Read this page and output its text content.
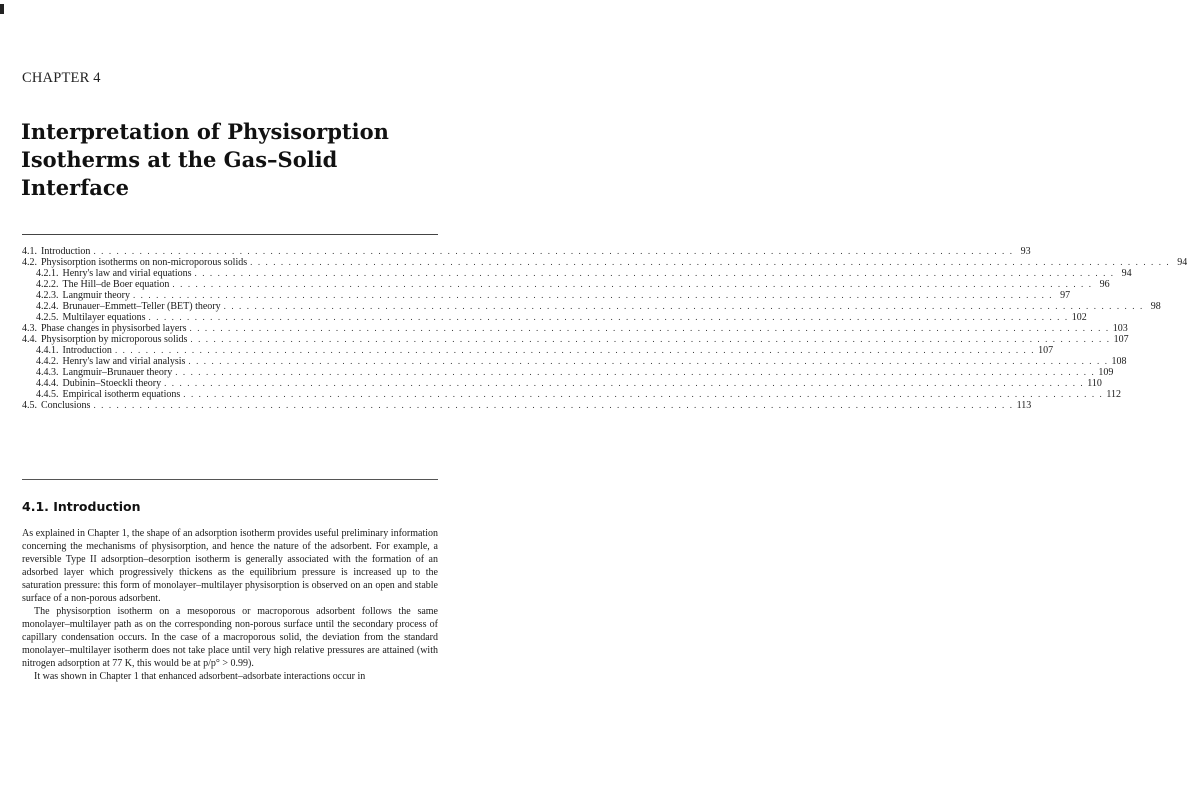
CHAPTER 4
Interpretation of Physisorption Isotherms at the Gas–Solid Interface
4.1. Introduction . . . . . . . . . . . . . . . . . . . . . . . . . . . . . . . . . . . . . . . . . . . . . . . . . . . . . . . . . . . . . . . . . . . . . . . . . . . . . . . . . . . . . . . . . . . . . . . . . . . . . . . . . . . . . . . . . . . . . . . . 93
4.2. Physisorption isotherms on non-microporous solids . . . . . . . . . . . . . . . . . . . . . . . . . . . . . . . . . . . . . . . . . . . . . . . . . . . . . . . . . . . . . . . . . . . . . . . . . . . . . . . . . . . . . . . . . . . . . . . . . . . . . . . . . . . . . . . . . . . . . . . . 94
4.2.1. Henry's law and virial equations . . . . . . . . . . . . . . . . . . . . . . . . . . . . . . . . . . . . . . . . . . . . . . . . . . . . . . . . . . . . . . . . . . . . . . . . . . . . . . . . . . . . . . . . . . . . . . . . . . . . . . . . . . . . . . . . . . . . . . . . 94
4.2.2. The Hill–de Boer equation . . . . . . . . . . . . . . . . . . . . . . . . . . . . . . . . . . . . . . . . . . . . . . . . . . . . . . . . . . . . . . . . . . . . . . . . . . . . . . . . . . . . . . . . . . . . . . . . . . . . . . . . . . . . . . . . . . . . . . . . 96
4.2.3. Langmuir theory . . . . . . . . . . . . . . . . . . . . . . . . . . . . . . . . . . . . . . . . . . . . . . . . . . . . . . . . . . . . . . . . . . . . . . . . . . . . . . . . . . . . . . . . . . . . . . . . . . . . . . . . . . . . . . . . . . . . . . . . 97
4.2.4. Brunauer–Emmett–Teller (BET) theory . . . . . . . . . . . . . . . . . . . . . . . . . . . . . . . . . . . . . . . . . . . . . . . . . . . . . . . . . . . . . . . . . . . . . . . . . . . . . . . . . . . . . . . . . . . . . . . . . . . . . . . . . . . . . . . . . . . . . . . . 98
4.2.5. Multilayer equations . . . . . . . . . . . . . . . . . . . . . . . . . . . . . . . . . . . . . . . . . . . . . . . . . . . . . . . . . . . . . . . . . . . . . . . . . . . . . . . . . . . . . . . . . . . . . . . . . . . . . . . . . . . . . . . . . . . . . . . . 102
4.3. Phase changes in physisorbed layers . . . . . . . . . . . . . . . . . . . . . . . . . . . . . . . . . . . . . . . . . . . . . . . . . . . . . . . . . . . . . . . . . . . . . . . . . . . . . . . . . . . . . . . . . . . . . . . . . . . . . . . . . . . . . . . . . . . . . . . . 103
4.4. Physisorption by microporous solids . . . . . . . . . . . . . . . . . . . . . . . . . . . . . . . . . . . . . . . . . . . . . . . . . . . . . . . . . . . . . . . . . . . . . . . . . . . . . . . . . . . . . . . . . . . . . . . . . . . . . . . . . . . . . . . . . . . . . . . . 107
4.4.1. Introduction . . . . . . . . . . . . . . . . . . . . . . . . . . . . . . . . . . . . . . . . . . . . . . . . . . . . . . . . . . . . . . . . . . . . . . . . . . . . . . . . . . . . . . . . . . . . . . . . . . . . . . . . . . . . . . . . . . . . . . . . 107
4.4.2. Henry's law and virial analysis . . . . . . . . . . . . . . . . . . . . . . . . . . . . . . . . . . . . . . . . . . . . . . . . . . . . . . . . . . . . . . . . . . . . . . . . . . . . . . . . . . . . . . . . . . . . . . . . . . . . . . . . . . . . . . . . . . . . . . . . 108
4.4.3. Langmuir–Brunauer theory . . . . . . . . . . . . . . . . . . . . . . . . . . . . . . . . . . . . . . . . . . . . . . . . . . . . . . . . . . . . . . . . . . . . . . . . . . . . . . . . . . . . . . . . . . . . . . . . . . . . . . . . . . . . . . . . . . . . . . . . 109
4.4.4. Dubinin–Stoeckli theory . . . . . . . . . . . . . . . . . . . . . . . . . . . . . . . . . . . . . . . . . . . . . . . . . . . . . . . . . . . . . . . . . . . . . . . . . . . . . . . . . . . . . . . . . . . . . . . . . . . . . . . . . . . . . . . . . . . . . . . . 110
4.4.5. Empirical isotherm equations . . . . . . . . . . . . . . . . . . . . . . . . . . . . . . . . . . . . . . . . . . . . . . . . . . . . . . . . . . . . . . . . . . . . . . . . . . . . . . . . . . . . . . . . . . . . . . . . . . . . . . . . . . . . . . . . . . . . . . . . 112
4.5. Conclusions . . . . . . . . . . . . . . . . . . . . . . . . . . . . . . . . . . . . . . . . . . . . . . . . . . . . . . . . . . . . . . . . . . . . . . . . . . . . . . . . . . . . . . . . . . . . . . . . . . . . . . . . . . . . . . . . . . . . . . . . 113
4.1. Introduction

As explained in Chapter 1, the shape of an adsorption isotherm provides useful preliminary information concerning the mechanisms of physisorption, and hence the nature of the adsorbent. For example, a reversible Type II adsorption–desorption isotherm is generally associated with the formation of an adsorbed layer which progressively thickens as the equilibrium pressure is increased up to the saturation pressure: this form of monolayer–multilayer physisorption is observed on an open and stable surface of a non-porous adsorbent.

The physisorption isotherm on a mesoporous or macroporous adsorbent follows the same monolayer–multilayer path as on the corresponding non-porous surface until the secondary process of capillary condensation occurs. In the case of a macroporous solid, the deviation from the standard monolayer–multilayer isotherm does not take place until very high relative pressures are attained (with nitrogen adsorption at 77 K, this would be at p/p° > 0.99).

It was shown in Chapter 1 that enhanced adsorbent–adsorbate interactions occur in
